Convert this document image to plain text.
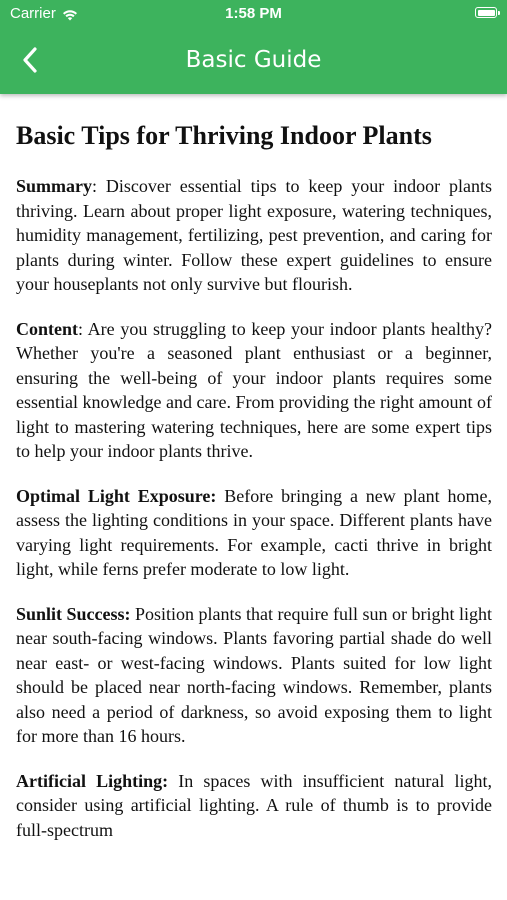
Carrier	1:58 PM
Basic Guide
Basic Tips for Thriving Indoor Plants

Summary: Discover essential tips to keep your indoor plants thriving. Learn about proper light exposure, watering techniques, humidity management, fertilizing, pest prevention, and caring for plants during winter. Follow these expert guidelines to ensure your houseplants not only survive but flourish.

Content: Are you struggling to keep your indoor plants healthy? Whether you're a seasoned plant enthusiast or a beginner, ensuring the well-being of your indoor plants requires some essential knowledge and care. From providing the right amount of light to mastering watering techniques, here are some expert tips to help your indoor plants thrive.

Optimal Light Exposure: Before bringing a new plant home, assess the lighting conditions in your space. Different plants have varying light requirements. For example, cacti thrive in bright light, while ferns prefer moderate to low light.

Sunlit Success: Position plants that require full sun or bright light near south-facing windows. Plants favoring partial shade do well near east- or west-facing windows. Plants suited for low light should be placed near north-facing windows. Remember, plants also need a period of darkness, so avoid exposing them to light for more than 16 hours.

Artificial Lighting: In spaces with insufficient natural light, consider using artificial lighting. A rule of thumb is to provide full-spectrum
